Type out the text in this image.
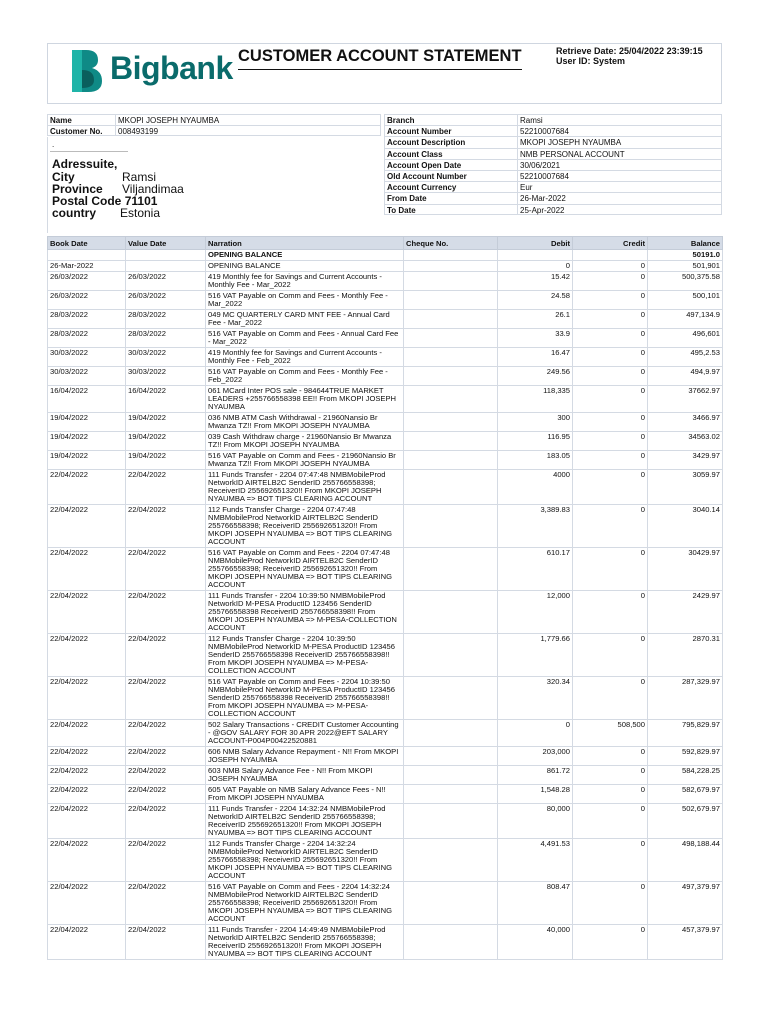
Bigbank CUSTOMER ACCOUNT STATEMENT	Retrieve Date: 25/04/2022 23:39:15
User ID: System
Name	MKOPI JOSEPH NYAUMBA
Customer No. 008493199
.
Adressuite,
City	Ramsi
Province Viljandimaa
Postal Code 71101
country Estonia
Branch	Ramsi
Account Number	52210007684
Account Description	MKOPI JOSEPH NYAUMBA
Account Class	NMB PERSONAL ACCOUNT
Account Open Date	30/06/2021
Old Account Number	52210007684
Account Currency	Eur
From Date	26-Mar-2022
To Date	25-Apr-2022
Book Date	Value Date	Narration	Cheque No.	Debit	Credit	Balance
		OPENING BALANCE				50191.0
26-Mar-2022		OPENING BALANCE		0	0	501,901
26/03/2022	26/03/2022	419 Monthly fee for Savings and Current Accounts - Monthly Fee - Mar_2022		15.42	0	500,375.58
26/03/2022	26/03/2022	516 VAT Payable on Comm and Fees - Monthly Fee - Mar_2022		24.58	0	500,101
28/03/2022	28/03/2022	049 MC QUARTERLY CARD MNT FEE - Annual Card Fee - Mar_2022		26.1	0	497,134.9
28/03/2022	28/03/2022	516 VAT Payable on Comm and Fees - Annual Card Fee - Mar_2022		33.9	0	496,601
30/03/2022	30/03/2022	419 Monthly fee for Savings and Current Accounts - Monthly Fee - Feb_2022		16.47	0	495,2.53
30/03/2022	30/03/2022	516 VAT Payable on Comm and Fees - Monthly Fee - Feb_2022		249.56	0	494,9.97
16/04/2022	16/04/2022	061 MCard Inter POS sale - 984644TRUE MARKET LEADERS +255766558398 EE!! From MKOPI JOSEPH NYAUMBA		118,335	0	37662.97
19/04/2022	19/04/2022	036 NMB ATM Cash Withdrawal - 21960Nansio Br Mwanza TZ!! From MKOPI JOSEPH NYAUMBA		300	0	3466.97
19/04/2022	19/04/2022	039 Cash Withdraw charge - 21960Nansio Br Mwanza TZ!! From MKOPI JOSEPH NYAUMBA		116.95	0	34563.02
19/04/2022	19/04/2022	516 VAT Payable on Comm and Fees - 21960Nansio Br Mwanza TZ!! From MKOPI JOSEPH NYAUMBA		183.05	0	3429.97
22/04/2022	22/04/2022	111 Funds Transfer - 2204 07:47:48 NMBMobileProd NetworkID AIRTELB2C SenderID 255766558398; ReceiverID 255692651320!! From MKOPI JOSEPH NYAUMBA => BOT TIPS CLEARING ACCOUNT		4000	0	3059.97
22/04/2022	22/04/2022	112 Funds Transfer Charge - 2204 07:47:48 NMBMobileProd NetworkID AIRTELB2C SenderID 255766558398; ReceiverID 255692651320!! From MKOPI JOSEPH NYAUMBA => BOT TIPS CLEARING ACCOUNT		3,389.83	0	3040.14
22/04/2022	22/04/2022	516 VAT Payable on Comm and Fees - 2204 07:47:48 NMBMobileProd NetworkID AIRTELB2C SenderID 255766558398; ReceiverID 255692651320!! From MKOPI JOSEPH NYAUMBA => BOT TIPS CLEARING ACCOUNT		610.17	0	30429.97
22/04/2022	22/04/2022	111 Funds Transfer - 2204 10:39:50 NMBMobileProd NetworkID M-PESA ProductID 123456 SenderID 255766558398 ReceiverID 255766558398!! From MKOPI JOSEPH NYAUMBA => M-PESA-COLLECTION ACCOUNT		12,000	0	2429.97
22/04/2022	22/04/2022	112 Funds Transfer Charge - 2204 10:39:50 NMBMobileProd NetworkID M-PESA ProductID 123456 SenderID 255766558398 ReceiverID 255766558398!! From MKOPI JOSEPH NYAUMBA => M-PESA-COLLECTION ACCOUNT		1,779.66	0	2870.31
22/04/2022	22/04/2022	516 VAT Payable on Comm and Fees - 2204 10:39:50 NMBMobileProd NetworkID M-PESA ProductID 123456 SenderID 255766558398 ReceiverID 255766558398!! From MKOPI JOSEPH NYAUMBA => M-PESA-COLLECTION ACCOUNT		320.34	0	287,329.97
22/04/2022	22/04/2022	502 Salary Transactions - CREDIT Customer Accounting - @GOV SALARY FOR 30 APR 2022@EFT SALARY ACCOUNT-P004P00422520881		0	508,500	795,829.97
22/04/2022	22/04/2022	606 NMB Salary Advance Repayment - N!! From MKOPI JOSEPH NYAUMBA		203,000	0	592,829.97
22/04/2022	22/04/2022	603 NMB Salary Advance Fee - N!! From MKOPI JOSEPH NYAUMBA		861.72	0	584,228.25
22/04/2022	22/04/2022	605 VAT Payable on NMB Salary Advance Fees - N!! From MKOPI JOSEPH NYAUMBA		1,548.28	0	582,679.97
22/04/2022	22/04/2022	111 Funds Transfer - 2204 14:32:24 NMBMobileProd NetworkID AIRTELB2C SenderID 255766558398; ReceiverID 255692651320!! From MKOPI JOSEPH NYAUMBA => BOT TIPS CLEARING ACCOUNT		80,000	0	502,679.97
22/04/2022	22/04/2022	112 Funds Transfer Charge - 2204 14:32:24 NMBMobileProd NetworkID AIRTELB2C SenderID 255766558398; ReceiverID 255692651320!! From MKOPI JOSEPH NYAUMBA => BOT TIPS CLEARING ACCOUNT		4,491.53	0	498,188.44
22/04/2022	22/04/2022	516 VAT Payable on Comm and Fees - 2204 14:32:24 NMBMobileProd NetworkID AIRTELB2C SenderID 255766558398; ReceiverID 255692651320!! From MKOPI JOSEPH NYAUMBA => BOT TIPS CLEARING ACCOUNT		808.47	0	497,379.97
22/04/2022	22/04/2022	111 Funds Transfer - 2204 14:49:49 NMBMobileProd NetworkID AIRTELB2C SenderID 255766558398; ReceiverID 255692651320!! From MKOPI JOSEPH NYAUMBA => BOT TIPS CLEARING ACCOUNT		40,000	0	457,379.97
